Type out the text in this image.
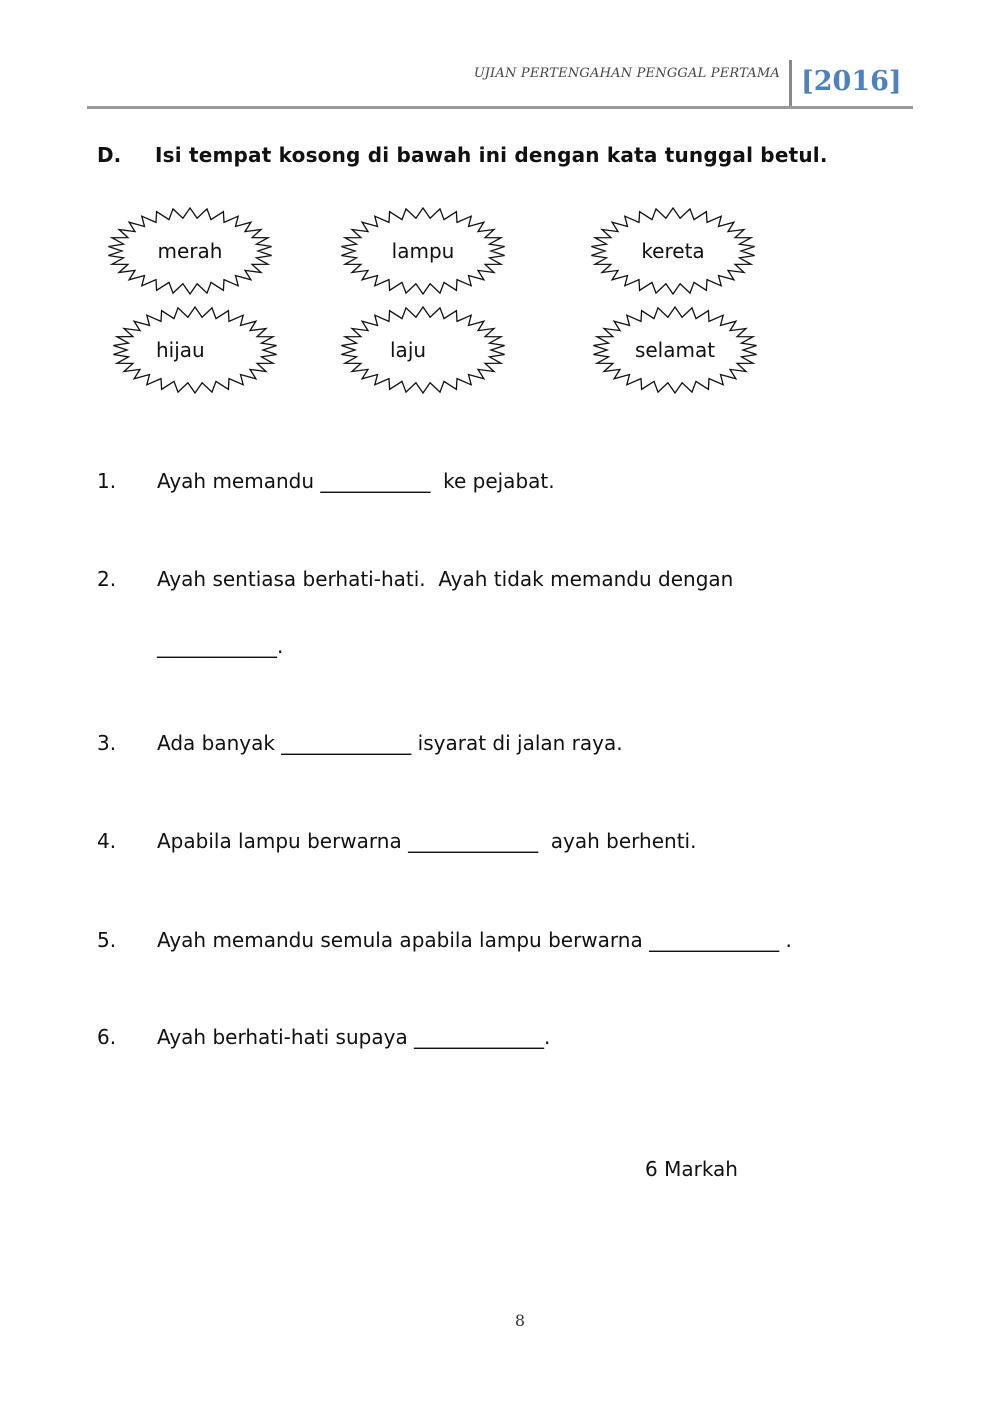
UJIAN PERTENGAHAN PENGGAL PERTAMA [2016]
D. Isi tempat kosong di bawah ini dengan kata tunggal betul.
merah	lampu	kereta
hijau	laju	selamat
1. Ayah memandu ___________  ke pejabat.
2. Ayah sentiasa berhati-hati.  Ayah tidak memandu dengan
____________.
3. Ada banyak _____________ isyarat di jalan raya.
4. Apabila lampu berwarna _____________  ayah berhenti.
5. Ayah memandu semula apabila lampu berwarna _____________ .
6. Ayah berhati-hati supaya _____________.
6 Markah
8
